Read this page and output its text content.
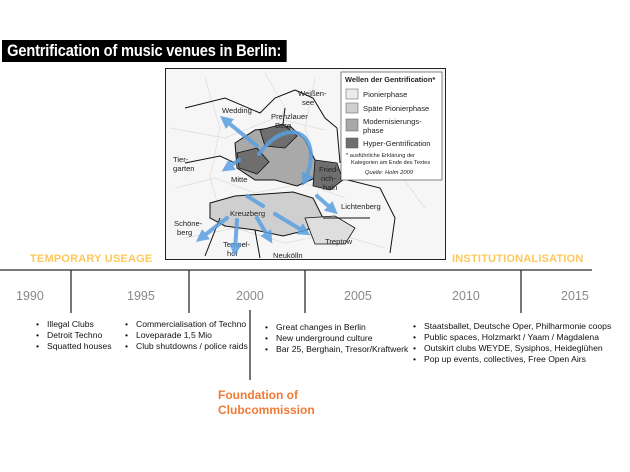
Gentrification of music venues in Berlin:
Wellen der Gentrification*
Pionierphase
Späte Pionierphase
Modernisierungs-
phase
Hyper-Gentrification
* ausführliche Erklärung der
Kategorien am Ende des Textes
Quelle: Holm 2009
Wedding
Weißen-
see
Prenzlauer
Berg
Tier-
garten
Mitte
Fried-
rich-
hain
Lichtenberg
Kreuzberg
Schöne-
berg
Tempel-
hof	Neukölln
Treptow
TEMPORARY USEAGE	INSTITUTIONALISATION
1990	1995	2000	2005	2010	2015
• Illegal Clubs
• Detroit Techno
• Squatted houses
• Commercialisation of Techno
• Loveparade 1,5 Mio
• Club shutdowns / police raids
• Great changes in Berlin
• New underground culture
• Bar 25, Berghain, Tresor/Kraftwerk
• Staatsballet, Deutsche Oper, Philharmonie coops
• Public spaces, Holzmarkt / Yaam / Magdalena
• Outskirt clubs WEYDE, Sysiphos, Heideglühen
• Pop up events, collectives, Free Open Airs
Foundation of
Clubcommission
